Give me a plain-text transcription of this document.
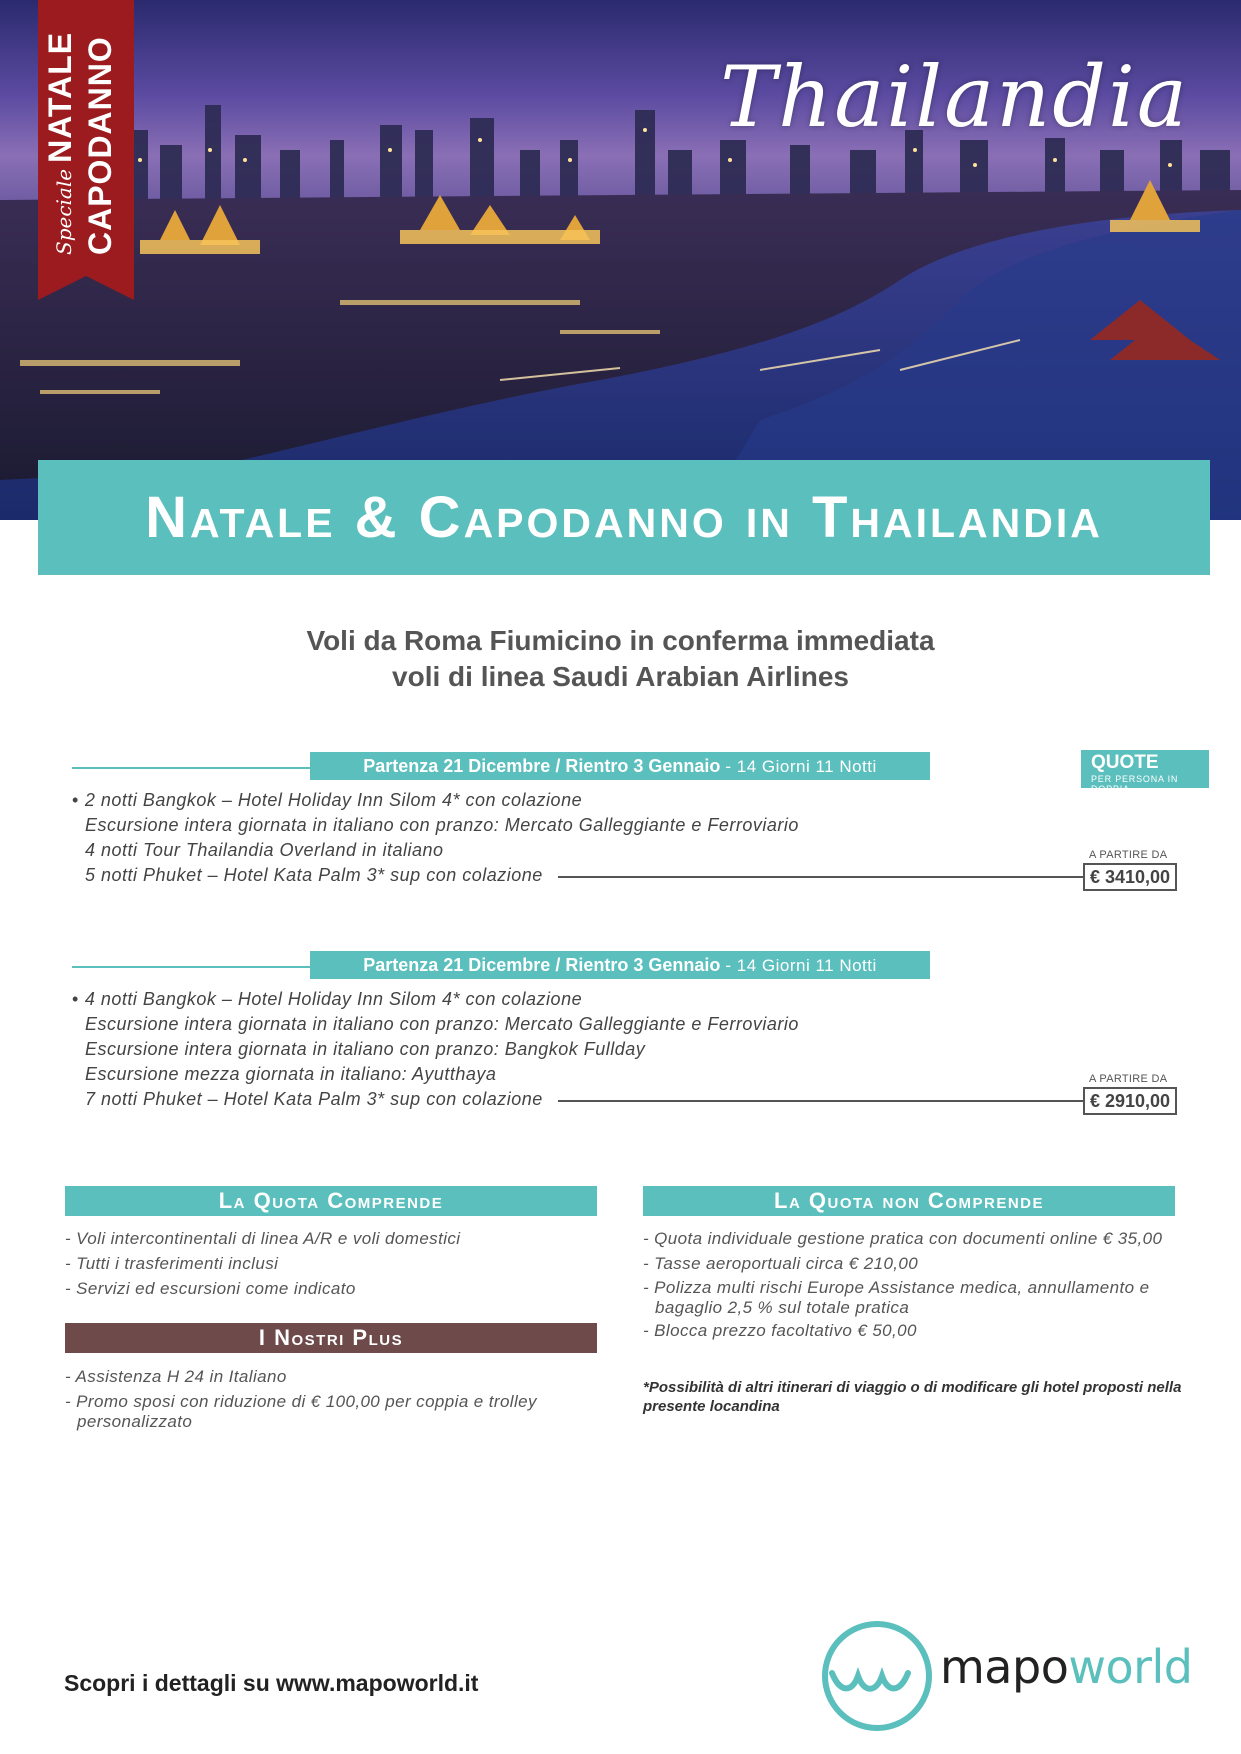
SpecialeNATALE CAPODANNO	Thailandia
Natale & Capodanno in Thailandia
Voli da Roma Fiumicino in conferma immediata
voli di linea Saudi Arabian Airlines
QUOTE
PER PERSONA IN DOPPIA
Partenza 21 Dicembre / Rientro 3 Gennaio - 14 Giorni 11 Notti
• 2 notti Bangkok – Hotel Holiday Inn Silom 4* con colazione
Escursione intera giornata in italiano con pranzo: Mercato Galleggiante e Ferroviario
4 notti Tour Thailandia Overland in italiano
5 notti Phuket – Hotel Kata Palm 3* sup con colazione
A PARTIRE DA
€ 3410,00
Partenza 21 Dicembre / Rientro 3 Gennaio - 14 Giorni 11 Notti
• 4 notti Bangkok – Hotel Holiday Inn Silom 4* con colazione
Escursione intera giornata in italiano con pranzo: Mercato Galleggiante e Ferroviario
Escursione intera giornata in italiano con pranzo: Bangkok Fullday
Escursione mezza giornata in italiano: Ayutthaya
7 notti Phuket – Hotel Kata Palm 3* sup con colazione
A PARTIRE DA
€ 2910,00
La Quota Comprende
- Voli intercontinentali di linea A/R e voli domestici
- Tutti i trasferimenti inclusi
- Servizi ed escursioni come indicato
I Nostri Plus
- Assistenza H 24 in Italiano
- Promo sposi con riduzione di € 100,00 per coppia e trolley personalizzato
La Quota non Comprende
- Quota individuale gestione pratica con documenti online € 35,00
- Tasse aeroportuali circa € 210,00
- Polizza multi rischi Europe Assistance medica, annullamento e bagaglio 2,5 % sul totale pratica
- Blocca prezzo facoltativo € 50,00
*Possibilità di altri itinerari di viaggio o di modificare gli hotel proposti nella presente locandina
Scopri i dettagli su www.mapoworld.it	mapoworld
